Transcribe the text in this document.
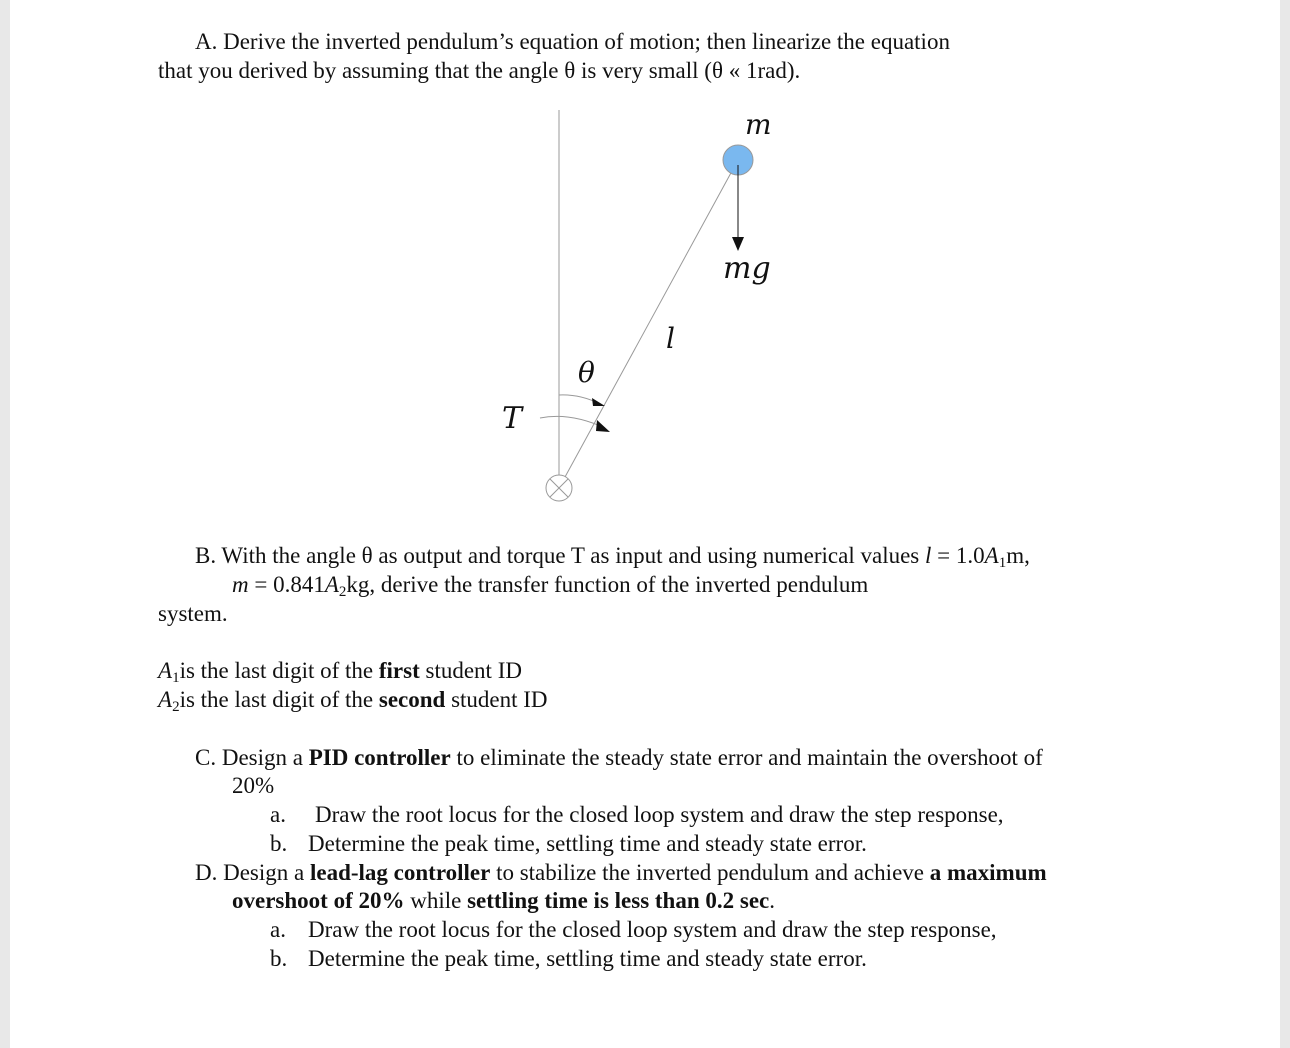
A. Derive the inverted pendulum’s equation of motion; then linearize the equation
that you derived by assuming that the angle θ is very small (θ « 1rad).
m
mg
l
θ
T
B. With the angle θ as output and torque T as input and using numerical values $l = 1.0A_1m$,
$m = 0.841A_2kg$, derive the transfer function of the inverted pendulum
system.
$A_1is$ the last digit of the first student ID
$A_2is$ the last digit of the second student ID
C. Design a PID controller to eliminate the steady state error and maintain the overshoot of
20%
a. Draw the root locus for the closed loop system and draw the step response,
b. Determine the peak time, settling time and steady state error.
D. Design a lead-lag controller to stabilize the inverted pendulum and achieve a maximum
overshoot of 20% while settling time is less than 0.2 sec.
a. Draw the root locus for the closed loop system and draw the step response,
b. Determine the peak time, settling time and steady state error.
